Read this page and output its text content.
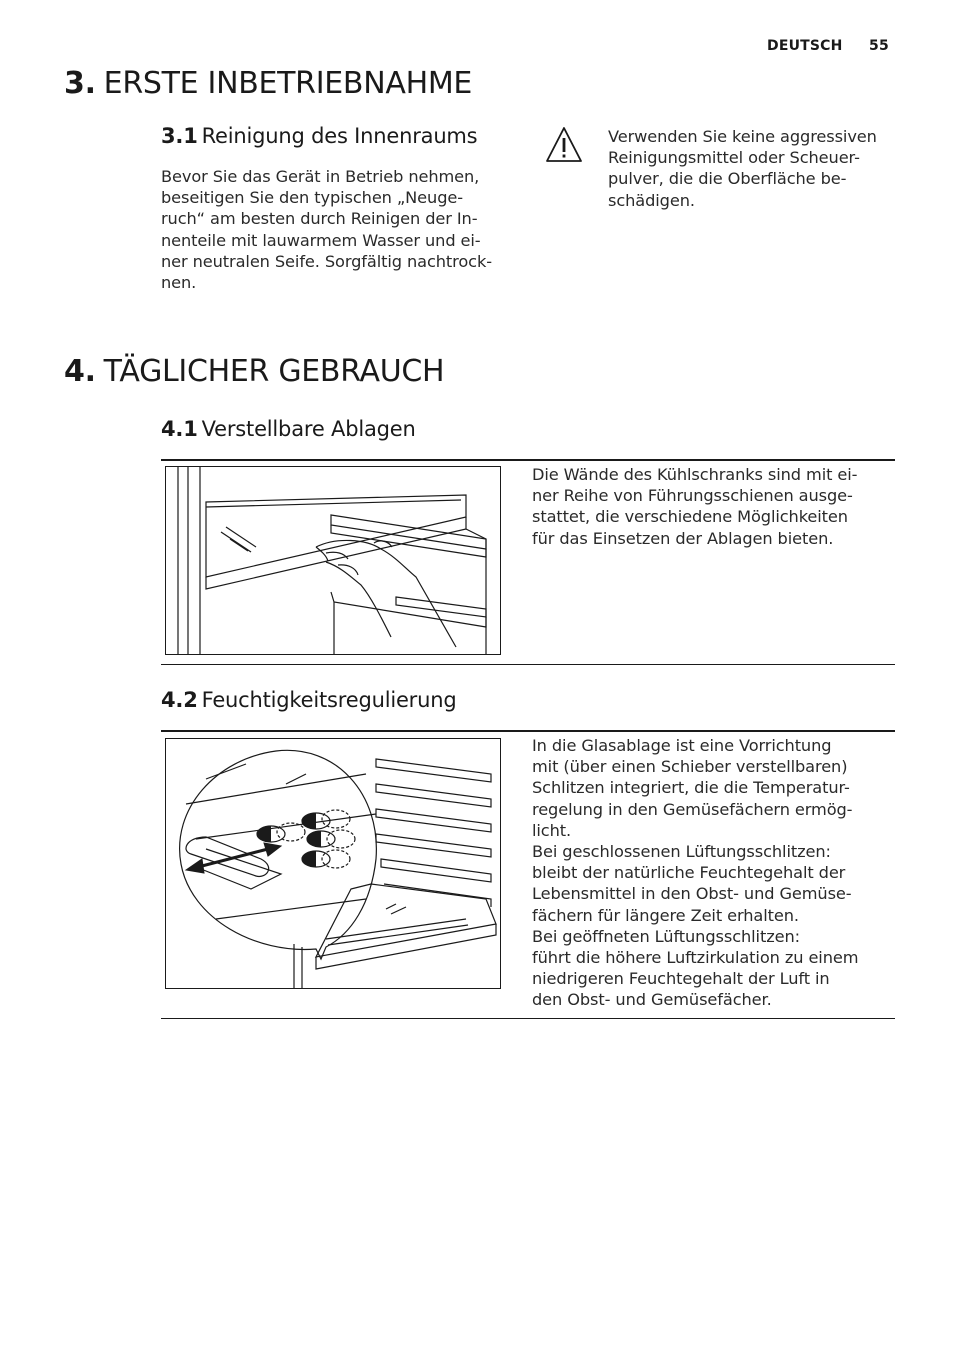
DEUTSCH 55
3. ERSTE INBETRIEBNAHME
3.1 Reinigung des Innenraums
Bevor Sie das Gerät in Betrieb nehmen,
beseitigen Sie den typischen „Neuge-
ruch“ am besten durch Reinigen der In-
nenteile mit lauwarmem Wasser und ei-
ner neutralen Seife. Sorgfältig nachtrock-
nen.
Verwenden Sie keine aggressiven
Reinigungsmittel oder Scheuer-
pulver, die die Oberfläche be-
schädigen.
4. TÄGLICHER GEBRAUCH
4.1 Verstellbare Ablagen
Die Wände des Kühlschranks sind mit ei-
ner Reihe von Führungsschienen ausge-
stattet, die verschiedene Möglichkeiten
für das Einsetzen der Ablagen bieten.
4.2 Feuchtigkeitsregulierung
In die Glasablage ist eine Vorrichtung
mit (über einen Schieber verstellbaren)
Schlitzen integriert, die die Temperatur-
regelung in den Gemüsefächern ermög-
licht.
Bei geschlossenen Lüftungsschlitzen:
bleibt der natürliche Feuchtegehalt der
Lebensmittel in den Obst- und Gemüse-
fächern für längere Zeit erhalten.
Bei geöffneten Lüftungsschlitzen:
führt die höhere Luftzirkulation zu einem
niedrigeren Feuchtegehalt der Luft in
den Obst- und Gemüsefächer.
